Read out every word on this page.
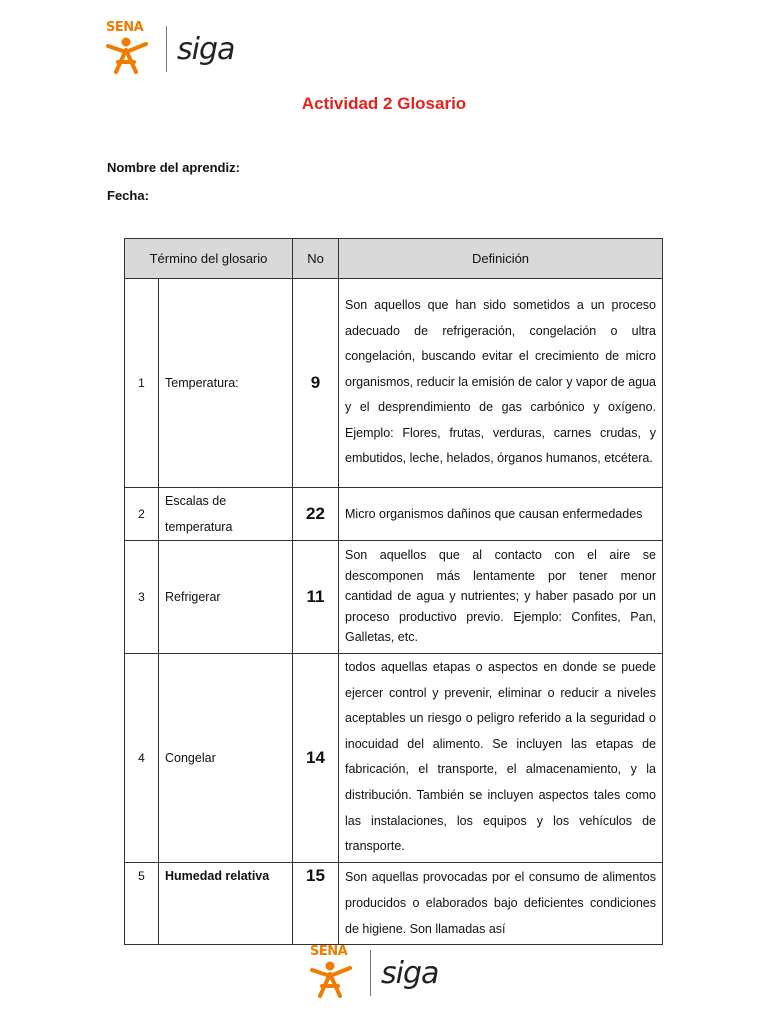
SENA
siga
Actividad 2 Glosario
Nombre del aprendiz:
Fecha:
Término del glosario		No	Definición
1	Temperatura:	9	Son aquellos que han sido sometidos a un proceso adecuado de refrigeración, congelación o ultra congelación, buscando evitar el crecimiento de micro organismos, reducir la emisión de calor y vapor de agua y el desprendimiento de gas carbónico y oxígeno. Ejemplo: Flores, frutas, verduras, carnes crudas, y embutidos, leche, helados, órganos humanos, etcétera.

2	Escalas de temperatura	22	Micro organismos dañinos que causan enfermedades

3	Refrigerar	11	Son aquellos que al contacto con el aire se descomponen más lentamente por tener menor cantidad de agua y nutrientes; y haber pasado por un proceso productivo previo. Ejemplo: Confites, Pan, Galletas, etc.

4	Congelar	14	todos aquellas etapas o aspectos en donde se puede ejercer control y prevenir, eliminar o reducir a niveles aceptables un riesgo o peligro referido a la seguridad o inocuidad del alimento. Se incluyen las etapas de fabricación, el transporte, el almacenamiento, y la distribución. También se incluyen aspectos tales como las instalaciones, los equipos y los vehículos de transporte.

5	Humedad relativa	15	Son aquellas provocadas por el consumo de alimentos producidos o elaborados bajo deficientes condiciones de higiene. Son llamadas así
SENA
siga
